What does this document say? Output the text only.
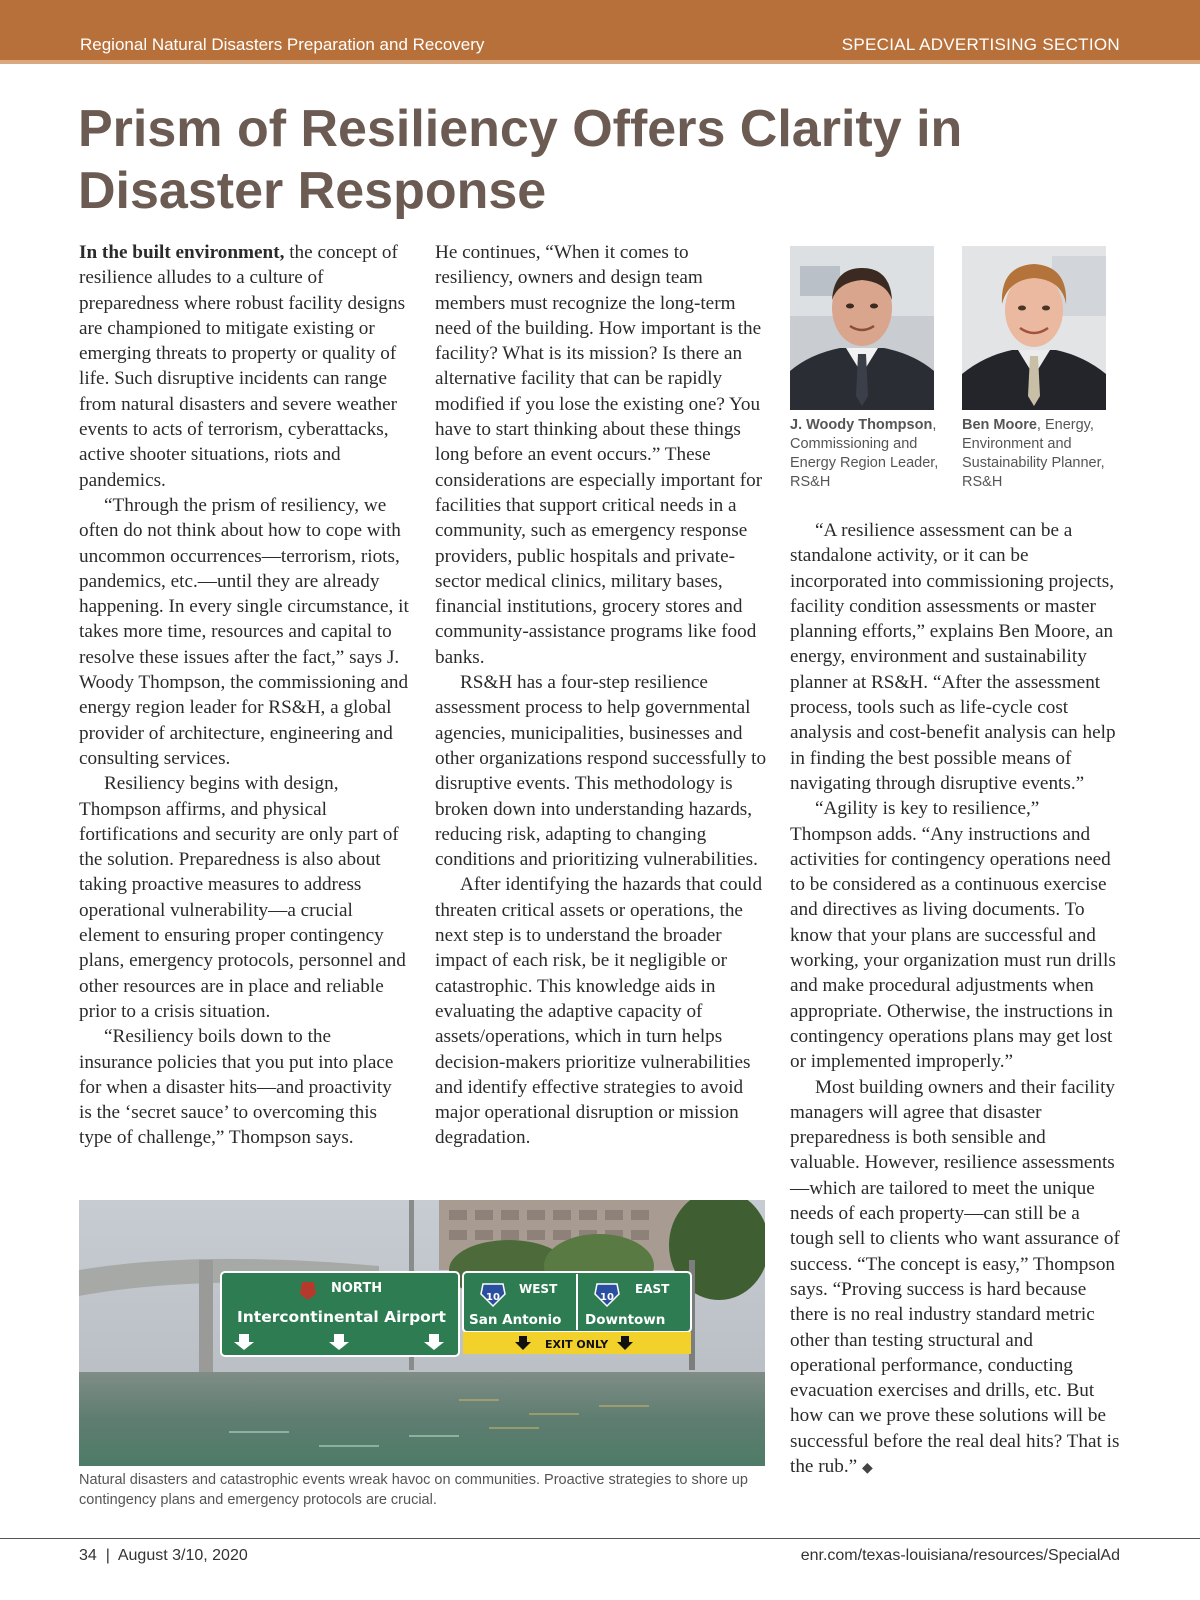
Regional Natural Disasters Preparation and Recovery	SPECIAL ADVERTISING SECTION
Prism of Resiliency Offers Clarity in Disaster Response

In the built environment, the concept of resilience alludes to a culture of preparedness where robust facility designs are championed to mitigate existing or emerging threats to property or quality of life. Such disruptive incidents can range from natural disasters and severe weather events to acts of terrorism, cyberattacks, active shooter situations, riots and pandemics.

“Through the prism of resiliency, we often do not think about how to cope with uncommon occurrences—terrorism, riots, pandemics, etc.—until they are already happening. In every single circumstance, it takes more time, resources and capital to resolve these issues after the fact,” says J. Woody Thompson, the commissioning and energy region leader for RS&H, a global provider of architecture, engineering and consulting services.

Resiliency begins with design, Thompson affirms, and physical fortifications and security are only part of the solution. Preparedness is also about taking proactive measures to address operational vulnerability—a crucial element to ensuring proper contingency plans, emergency protocols, personnel and other resources are in place and reliable prior to a crisis situation.

“Resiliency boils down to the insurance policies that you put into place for when a disaster hits—and proactivity is the ‘secret sauce’ to overcoming this type of challenge,” Thompson says.

He continues, “When it comes to resiliency, owners and design team members must recognize the long-term need of the building. How important is the facility? What is its mission? Is there an alternative facility that can be rapidly modified if you lose the existing one? You have to start thinking about these things long before an event occurs.” These considerations are especially important for facilities that support critical needs in a community, such as emergency response providers, public hospitals and private-sector medical clinics, military bases, financial institutions, grocery stores and community-assistance programs like food banks.

RS&H has a four-step resilience assessment process to help governmental agencies, municipalities, businesses and other organizations respond successfully to disruptive events. This methodology is broken down into understanding hazards, reducing risk, adapting to changing conditions and prioritizing vulnerabilities.

After identifying the hazards that could threaten critical assets or operations, the next step is to understand the broader impact of each risk, be it negligible or catastrophic. This knowledge aids in evaluating the adaptive capacity of assets/operations, which in turn helps decision-makers prioritize vulnerabilities and identify effective strategies to avoid major operational disruption or mission degradation.

J. Woody Thompson, Commissioning and Energy Region Leader, RS&H
Ben Moore, Energy, Environment and Sustainability Planner, RS&H

“A resilience assessment can be a standalone activity, or it can be incorporated into commissioning projects, facility condition assessments or master planning efforts,” explains Ben Moore, an energy, environment and sustainability planner at RS&H. “After the assessment process, tools such as life-cycle cost analysis and cost-benefit analysis can help in finding the best possible means of navigating through disruptive events.”

“Agility is key to resilience,” Thompson adds. “Any instructions and activities for contingency operations need to be considered as a continuous exercise and directives as living documents. To know that your plans are successful and working, your organization must run drills and make procedural adjustments when appropriate. Otherwise, the instructions in contingency operations plans may get lost or implemented improperly.”

Most building owners and their facility managers will agree that disaster preparedness is both sensible and valuable. However, resilience assessments—which are tailored to meet the unique needs of each property—can still be a tough sell to clients who want assurance of success. “The concept is easy,” Thompson says. “Proving success is hard because there is no real industry standard metric other than testing structural and operational performance, conducting evacuation exercises and drills, etc. But how can we prove these solutions will be successful before the real deal hits? That is the rub.” ◆

NORTH
Intercontinental Airport
10	10
WEST	EAST
San Antonio Downtown
EXIT ONLY
Natural disasters and catastrophic events wreak havoc on communities. Proactive strategies to shore up contingency plans and emergency protocols are crucial.
34  |  August 3/10, 2020	enr.com/texas-louisiana/resources/SpecialAd
